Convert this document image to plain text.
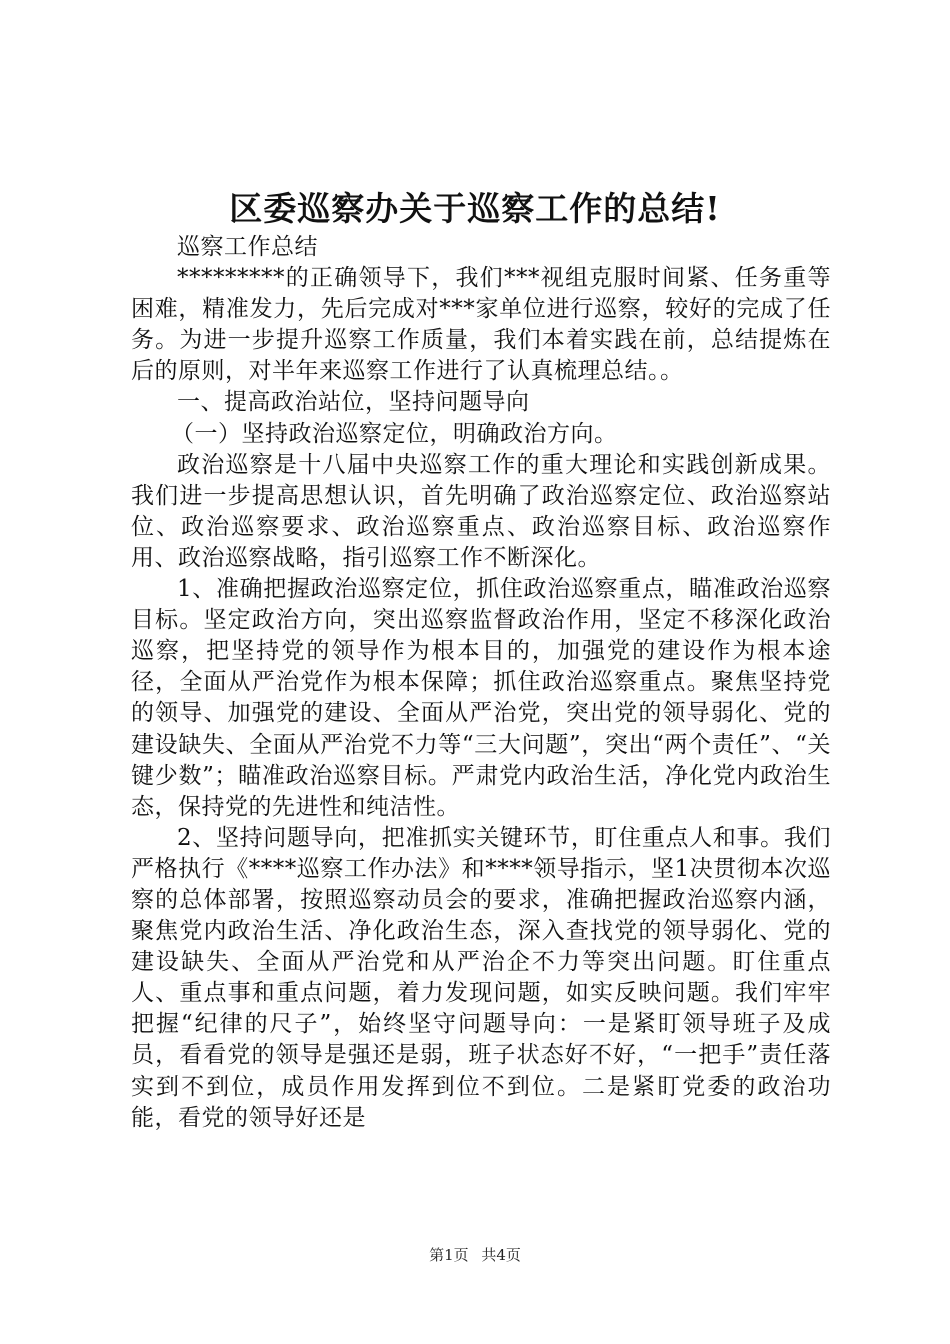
区委巡察办关于巡察工作的总结!

巡察工作总结

*********的正确领导下，我们***视组克服时间紧、任务重等困难，精准发力，先后完成对***家单位进行巡察，较好的完成了任务。为进一步提升巡察工作质量，我们本着实践在前，总结提炼在后的原则，对半年来巡察工作进行了认真梳理总结。。

一、提高政治站位，坚持问题导向

（一）坚持政治巡察定位，明确政治方向。

政治巡察是十八届中央巡察工作的重大理论和实践创新成果。我们进一步提高思想认识，首先明确了政治巡察定位、政治巡察站位、政治巡察要求、政治巡察重点、政治巡察目标、政治巡察作用、政治巡察战略，指引巡察工作不断深化。

1、准确把握政治巡察定位，抓住政治巡察重点，瞄准政治巡察目标。坚定政治方向，突出巡察监督政治作用，坚定不移深化政治巡察，把坚持党的领导作为根本目的，加强党的建设作为根本途径，全面从严治党作为根本保障；抓住政治巡察重点。聚焦坚持党的领导、加强党的建设、全面从严治党，突出党的领导弱化、党的建设缺失、全面从严治党不力等“三大问题”，突出“两个责任”、“关键少数”；瞄准政治巡察目标。严肃党内政治生活，净化党内政治生态，保持党的先进性和纯洁性。

2、坚持问题导向，把准抓实关键环节，盯住重点人和事。我们严格执行《****巡察工作办法》和****领导指示，坚1决贯彻本次巡察的总体部署，按照巡察动员会的要求，准确把握政治巡察内涵，聚焦党内政治生活、净化政治生态，深入查找党的领导弱化、党的建设缺失、全面从严治党和从严治企不力等突出问题。盯住重点人、重点事和重点问题，着力发现问题，如实反映问题。我们牢牢把握“纪律的尺子”，始终坚守问题导向：一是紧盯领导班子及成员，看看党的领导是强还是弱，班子状态好不好，“一把手”责任落实到不到位，成员作用发挥到位不到位。二是紧盯党委的政治功能，看党的领导好还是

第1页 共4页
